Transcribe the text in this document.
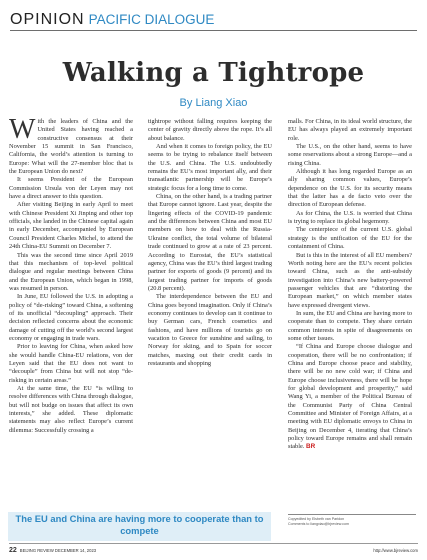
OPINION PACIFIC DIALOGUE
Walking a Tightrope
By Liang Xiao

With the leaders of China and the United States having reached a constructive consensus at their November 15 summit in San Francisco, California, the world’s attention is turning to Europe: What will the 27-member bloc that is the European Union do next?

It seems President of the European Commission Ursula von der Leyen may not have a direct answer to this question.

After visiting Beijing in early April to meet with Chinese President Xi Jinping and other top officials, she landed in the Chinese capital again in early December, accompanied by European Council President Charles Michel, to attend the 24th China-EU Summit on December 7.

This was the second time since April 2019 that this mechanism of top-level political dialogue and regular meetings between China and the European Union, which began in 1998, was resumed in person.

In June, EU followed the U.S. in adopting a policy of “de-risking” toward China, a softening of its unofficial “decoupling” approach. Their decision reflected concerns about the economic damage of cutting off the world’s second largest economy or engaging in trade wars.

Prior to leaving for China, when asked how she would handle China-EU relations, von der Leyen said that the EU does not want to “decouple” from China but will not stop “de-risking in certain areas.”

At the same time, the EU “is willing to resolve differences with China through dialogue, but will not budge on issues that affect its own interests,” she added. These diplomatic statements may also reflect Europe’s current dilemma: Successfully crossing a

tightrope without falling requires keeping the center of gravity directly above the rope. It’s all about balance.

And when it comes to foreign policy, the EU seems to be trying to rebalance itself between the U.S. and China. The U.S. undoubtedly remains the EU’s most important ally, and their transatlantic partnership will be Europe’s strategic focus for a long time to come.

China, on the other hand, is a trading partner that Europe cannot ignore. Last year, despite the lingering effects of the COVID-19 pandemic and the differences between China and most EU members on how to deal with the Russia-Ukraine conflict, the total volume of bilateral trade continued to grow at a rate of 23 percent. According to Eurostat, the EU’s statistical agency, China was the EU’s third largest trading partner for exports of goods (9 percent) and its largest trading partner for imports of goods (20.8 percent).

The interdependence between the EU and China goes beyond imagination. Only if China’s economy continues to develop can it continue to buy German cars, French cosmetics and fashions, and have millions of tourists go on vacation to Greece for sunshine and sailing, to Norway for skiing, and to Spain for soccer matches, maxing out their credit cards in restaurants and shopping

malls. For China, in its ideal world structure, the EU has always played an extremely important role.

The U.S., on the other hand, seems to have some reservations about a strong Europe—and a rising China.

Although it has long regarded Europe as an ally sharing common values, Europe’s dependence on the U.S. for its security means that the latter has a de facto veto over the direction of European defense.

As for China, the U.S. is worried that China is trying to replace its global hegemony.

The centerpiece of the current U.S. global strategy is the unification of the EU for the containment of China.

But is this in the interest of all EU members? Worth noting here are the EU’s recent policies toward China, such as the anti-subsidy investigation into China’s new battery-powered passenger vehicles that are “distorting the European market,” on which member states have expressed divergent views.

In sum, the EU and China are having more to cooperate than to compete. They share certain common interests in spite of disagreements on some other issues.

“If China and Europe choose dialogue and cooperation, there will be no confrontation; if China and Europe choose peace and stability, there will be no new cold war; if China and Europe choose inclusiveness, there will be hope for global development and prosperity,” said Wang Yi, a member of the Political Bureau of the Communist Party of China Central Committee and Minister of Foreign Affairs, at a meeting with EU diplomatic envoys to China in Beijing on December 4, iterating that China’s policy toward Europe remains and shall remain stable. BR

The EU and China are having more to cooperate than to compete
Copyedited by Elsbeth van Paridon
Comments to liangxiao@bjreview.com
22 BEIJING REVIEW DECEMBER 14, 2023	http://www.bjreview.com
